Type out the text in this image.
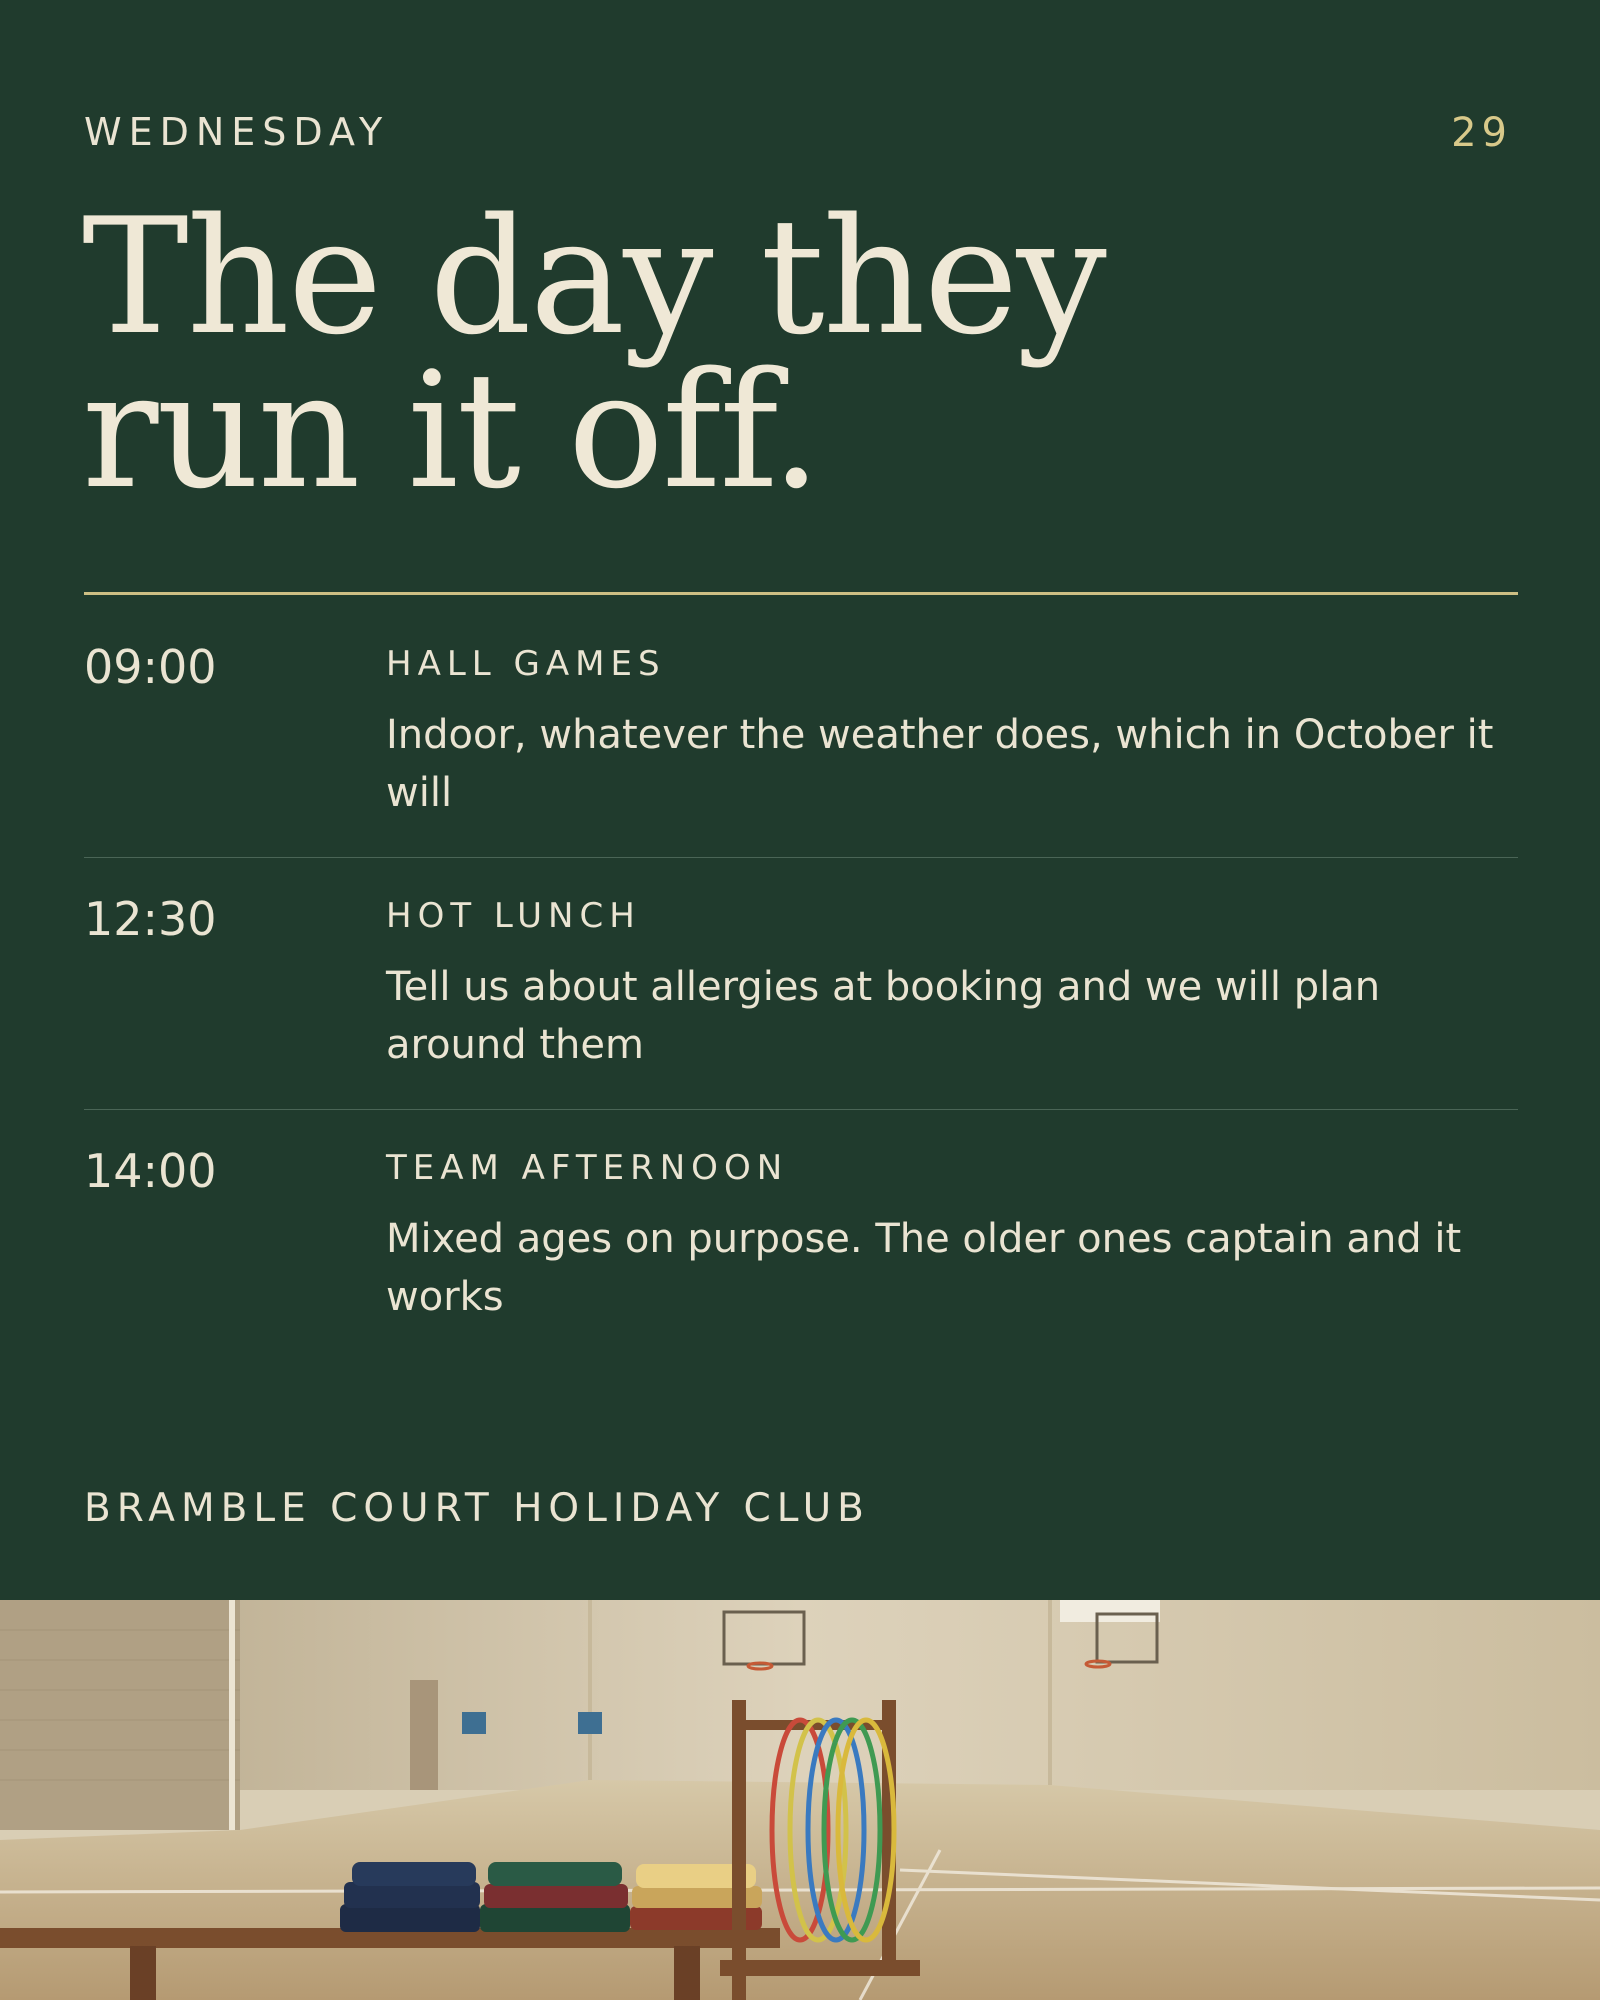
WEDNESDAY	29
The day they
run it off.
09:00	HALL GAMES
Indoor, whatever the weather does, which in October it will
12:30	HOT LUNCH
Tell us about allergies at booking and we will plan around them
14:00	TEAM AFTERNOON
Mixed ages on purpose. The older ones captain and it works
BRAMBLE COURT HOLIDAY CLUB
